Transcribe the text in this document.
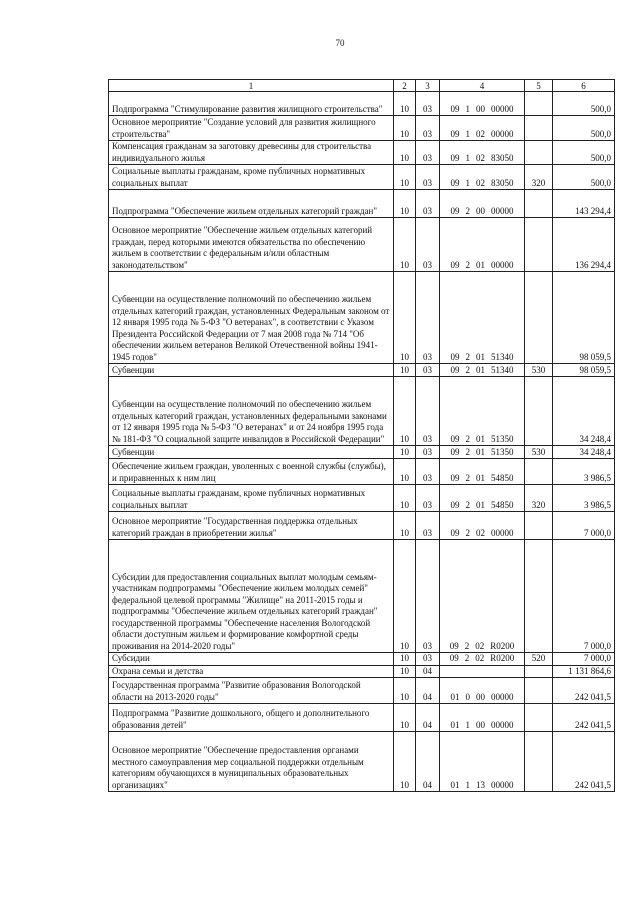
70
1	2	3	4	5	6
Подпрограмма "Стимулирование развития жилищного строительства"	10	03	09 1 00 00000		500,0
Основное мероприятие "Создание условий для развития жилищного строительства"	10	03	09 1 02 00000		500,0
Компенсация гражданам за заготовку древесины для строительства индивидуального жилья	10	03	09 1 02 83050		500,0
Социальные выплаты гражданам, кроме публичных нормативных социальных выплат	10	03	09 1 02 83050	320	500,0
Подпрограмма "Обеспечение жильем отдельных категорий граждан"	10	03	09 2 00 00000		143 294,4
Основное мероприятие "Обеспечение жильем отдельных категорий граждан, перед которыми имеются обязательства по обеспечению жильем в соответствии с федеральным и/или областным законодательством"	10	03	09 2 01 00000		136 294,4
Субвенции на осуществление полномочий по обеспечению жильем отдельных категорий граждан, установленных Федеральным законом от 12 января 1995 года № 5-ФЗ "О ветеранах", в соответствии с Указом Президента Российской Федерации от 7 мая 2008 года № 714 "Об обеспечении жильем ветеранов Великой Отечественной войны 1941-1945 годов"	10	03	09 2 01 51340		98 059,5
Субвенции	10	03	09 2 01 51340	530	98 059,5
Субвенции на осуществление полномочий по обеспечению жильем отдельных категорий граждан, установленных федеральными законами от 12 января 1995 года № 5-ФЗ "О ветеранах" и от 24 ноября 1995 года № 181-ФЗ "О социальной защите инвалидов в Российской Федерации"	10	03	09 2 01 51350		34 248,4
Субвенции	10	03	09 2 01 51350	530	34 248,4
Обеспечение жильем граждан, уволенных с военной службы (службы), и приравненных к ним лиц	10	03	09 2 01 54850		3 986,5
Социальные выплаты гражданам, кроме публичных нормативных социальных выплат	10	03	09 2 01 54850	320	3 986,5
Основное мероприятие "Государственная поддержка отдельных категорий граждан в приобретении жилья"	10	03	09 2 02 00000		7 000,0
Субсидии для предоставления социальных выплат молодым семьям-участникам подпрограммы "Обеспечение жильем молодых семей" федеральной целевой программы "Жилище" на 2011-2015 годы и подпрограммы "Обеспечение жильем отдельных категорий граждан" государственной программы "Обеспечение населения Вологодской области доступным жильем и формирование комфортной среды проживания на 2014-2020 годы"	10	03	09 2 02 R0200		7 000,0
Субсидии	10	03	09 2 02 R0200	520	7 000,0
Охрана семьи и детства	10	04			1 131 864,6
Государственная программа "Развитие образования Вологодской области на 2013-2020 годы"	10	04	01 0 00 00000		242 041,5
Подпрограмма "Развитие дошкольного, общего и дополнительного образования детей"	10	04	01 1 00 00000		242 041,5
Основное мероприятие "Обеспечение предоставления органами местного самоуправления мер социальной поддержки отдельным категориям обучающихся в муниципальных образовательных организациях"	10	04	01 1 13 00000		242 041,5
